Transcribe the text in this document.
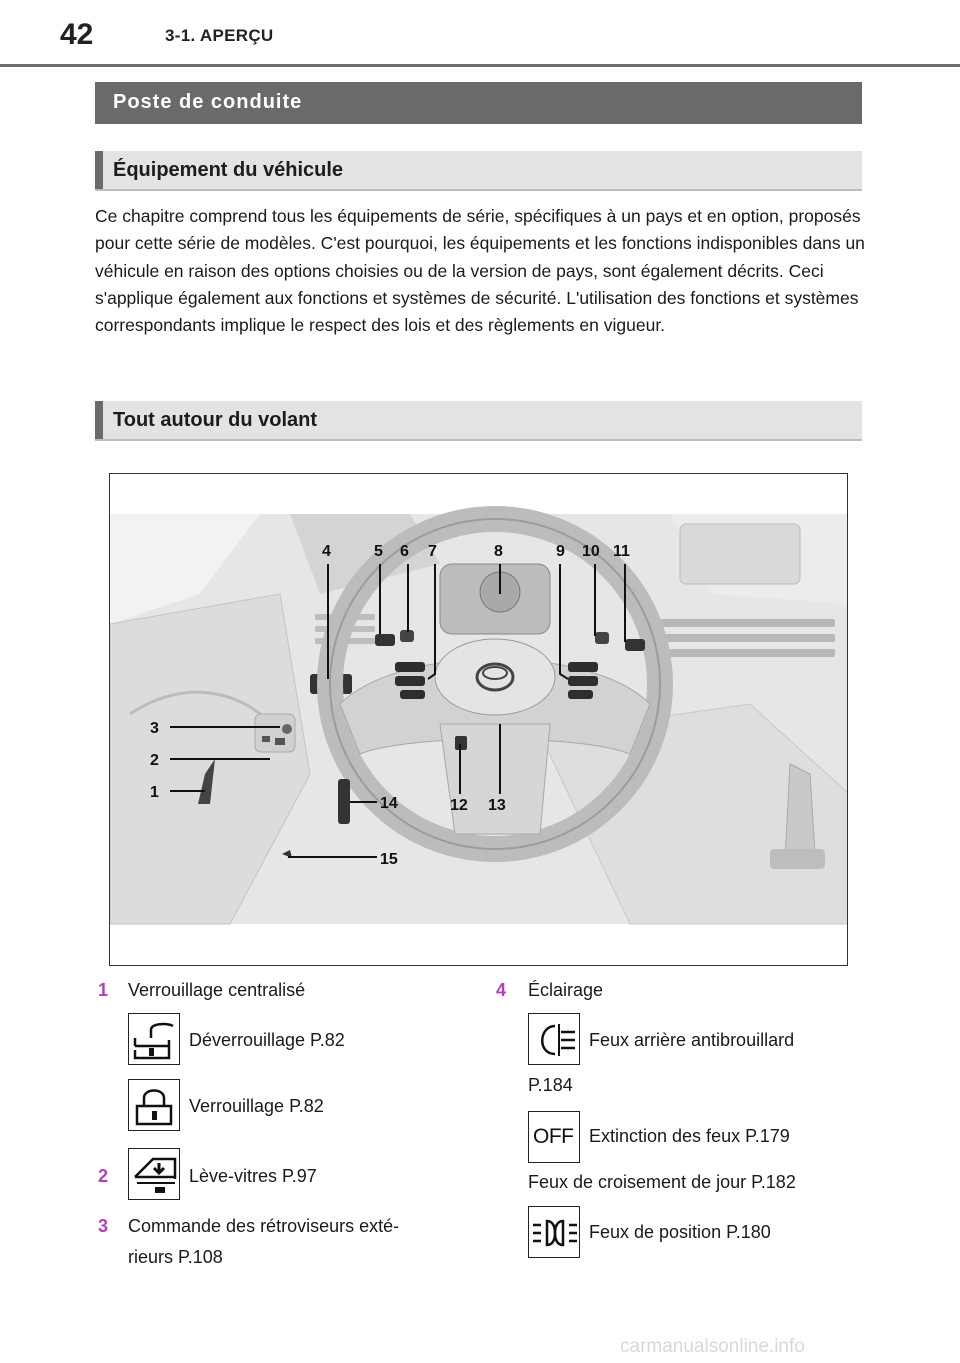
42	3-1. APERÇU
Poste de conduite
Équipement du véhicule
Ce chapitre comprend tous les équipements de série, spécifiques à un pays et en option, proposés pour cette série de modèles. C'est pourquoi, les équipements et les fonctions indisponibles dans un véhicule en raison des options choisies ou de la version de pays, sont également décrits. Ceci s'applique également aux fonctions et systèmes de sécurité. L'utilisation des fonctions et systèmes correspondants implique le respect des lois et des règlements en vigueur.
Tout autour du volant
4	5 6 7	8	9 10 11
3
2
1
14	12 13
15
1 Verrouillage centralisé
Déverrouillage P.82
Verrouillage P.82
2	Lève-vitres P.97
3 Commande des rétroviseurs exté-
rieurs P.108
4 Éclairage
Feux arrière antibrouillard
P.184
OFF Extinction des feux P.179
Feux de croisement de jour P.182
Feux de position P.180
carmanualsonline.info
